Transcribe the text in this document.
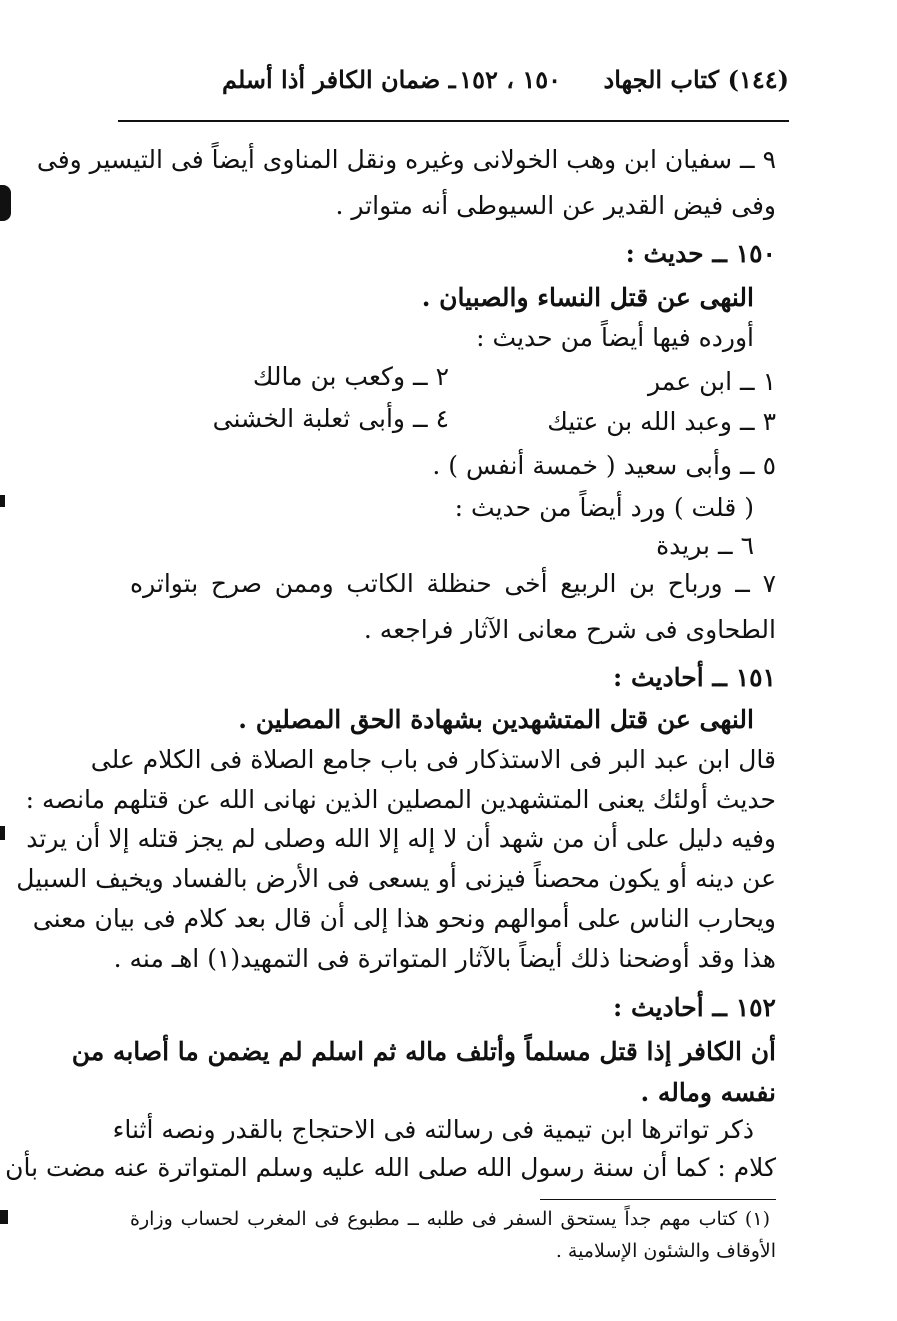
(١٤٤)
كتاب الجهاد
١٥٠ ، ١٥٢
ـ ضمان الكافر أذا أسلم
٩ ــ سفيان ابن وهب الخولانى وغيره ونقل المناوى أيضاً فى التيسير وفى
وفى فيض القدير عن السيوطى أنه متواتر .
١٥٠ ــ حديث :
النهى عن قتل النساء والصبيان .
أورده فيها أيضاً من حديث :
١ ــ ابن عمر
٢ ــ وكعب بن مالك
٣ ــ وعبد الله بن عتيك
٤ ــ وأبى ثعلبة الخشنى
٥ ــ وأبى سعيد ( خمسة أنفس ) .
( قلت ) ورد أيضاً من حديث :
٦ ــ بريدة
٧ ــ ورباح بن الربيع أخى حنظلة الكاتب وممن صرح بتواتره
الطحاوى فى شرح معانى الآثار فراجعه .
١٥١ ــ أحاديث :
النهى عن قتل المتشهدين بشهادة الحق المصلين .
قال ابن عبد البر فى الاستذكار فى باب جامع الصلاة فى الكلام على
حديث أولئك يعنى المتشهدين المصلين الذين نهانى الله عن قتلهم مانصه :
وفيه دليل على أن من شهد أن لا إله إلا الله وصلى لم يجز قتله إلا أن يرتد
عن دينه أو يكون محصناً فيزنى أو يسعى فى الأرض بالفساد ويخيف السبيل
ويحارب الناس على أموالهم ونحو هذا إلى أن قال بعد كلام فى بيان معنى
هذا وقد أوضحنا ذلك أيضاً بالآثار المتواترة فى التمهيد(١) اهـ منه .
١٥٢ ــ أحاديث :
أن الكافر إذا قتل مسلماً وأتلف ماله ثم اسلم لم يضمن ما أصابه من
نفسه وماله .
ذكر تواترها ابن تيمية فى رسالته فى الاحتجاج بالقدر ونصه أثناء
كلام : كما أن سنة رسول الله صلى الله عليه وسلم المتواترة عنه مضت بأن
(١) كتاب مهم جداً يستحق السفر فى طلبه ــ مطبوع فى المغرب لحساب وزارة
الأوقاف والشئون الإسلامية .
